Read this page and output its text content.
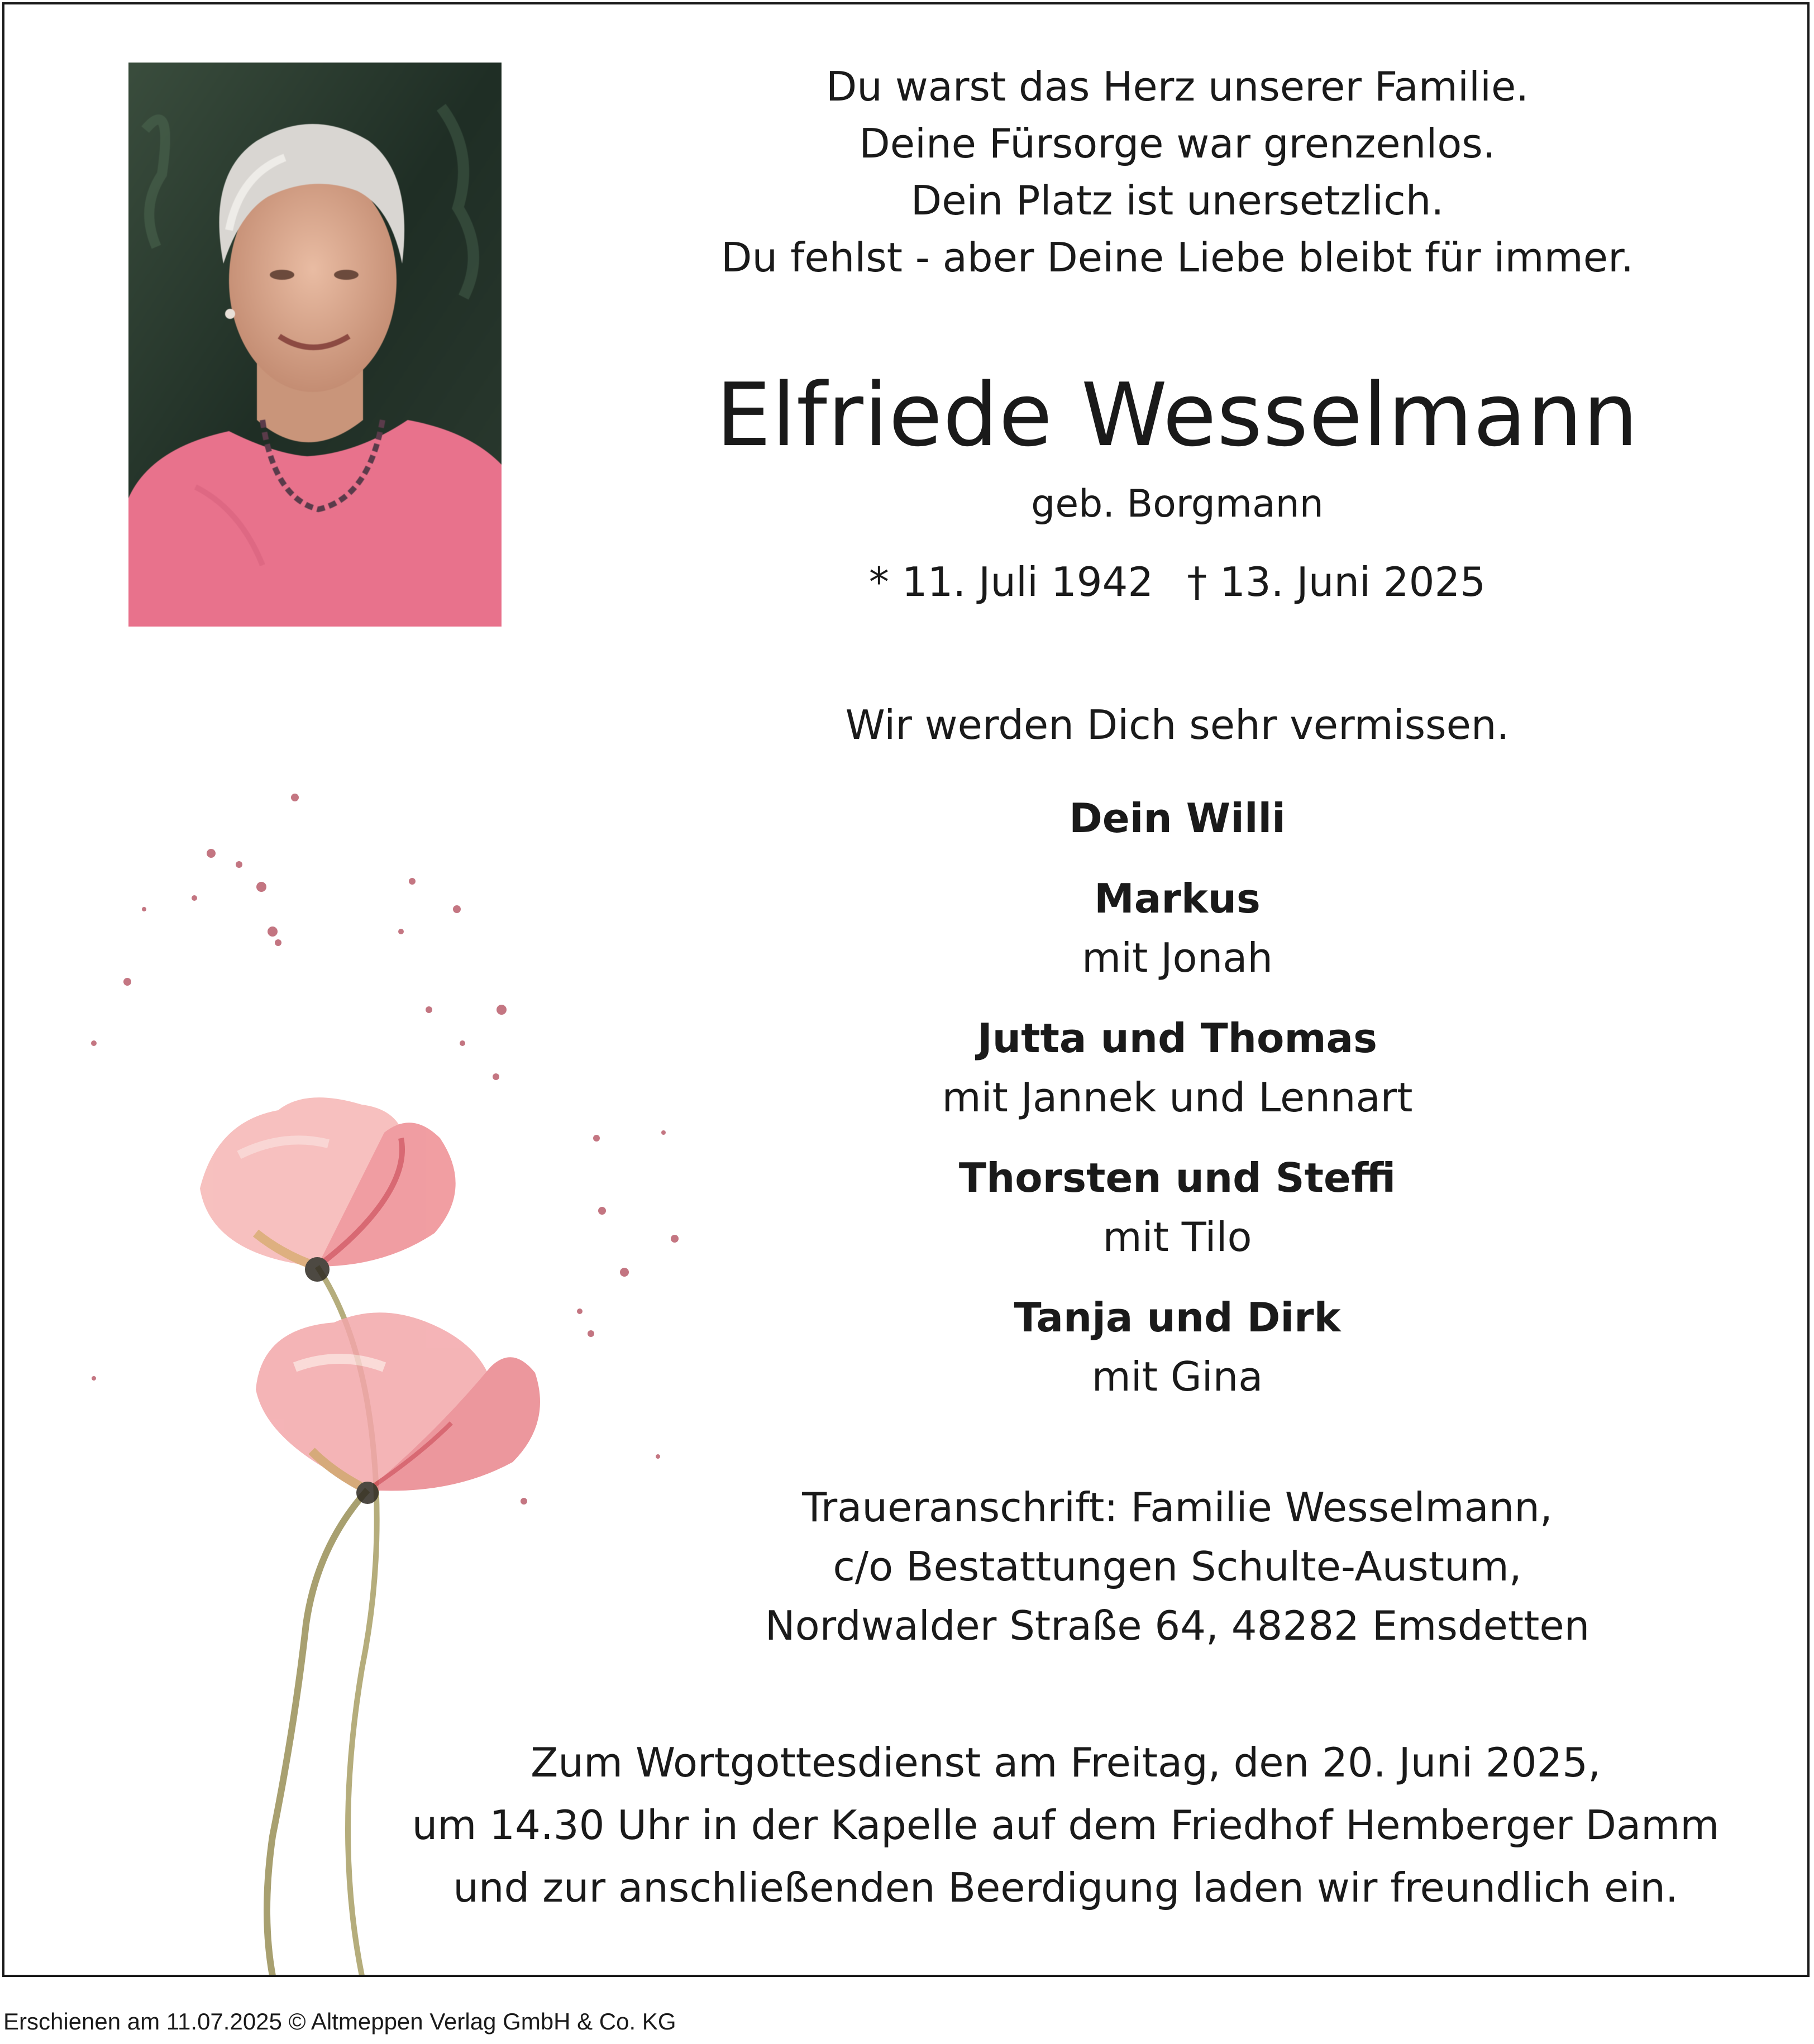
Du warst das Herz unserer Familie.
Deine Fürsorge war grenzenlos.
Dein Platz ist unersetzlich.
Du fehlst - aber Deine Liebe bleibt für immer.
Elfriede Wesselmann
geb. Borgmann
* 11. Juli 1942 † 13. Juni 2025
Wir werden Dich sehr vermissen.
Dein Willi
Markus
mit Jonah
Jutta und Thomas
mit Jannek und Lennart
Thorsten und Steffi
mit Tilo
Tanja und Dirk
mit Gina
Traueranschrift: Familie Wesselmann,
c/o Bestattungen Schulte-Austum,
Nordwalder Straße 64, 48282 Emsdetten
Zum Wortgottesdienst am Freitag, den 20. Juni 2025,
um 14.30 Uhr in der Kapelle auf dem Friedhof Hemberger Damm
und zur anschließenden Beerdigung laden wir freundlich ein.
Erschienen am 11.07.2025 © Altmeppen Verlag GmbH & Co. KG
